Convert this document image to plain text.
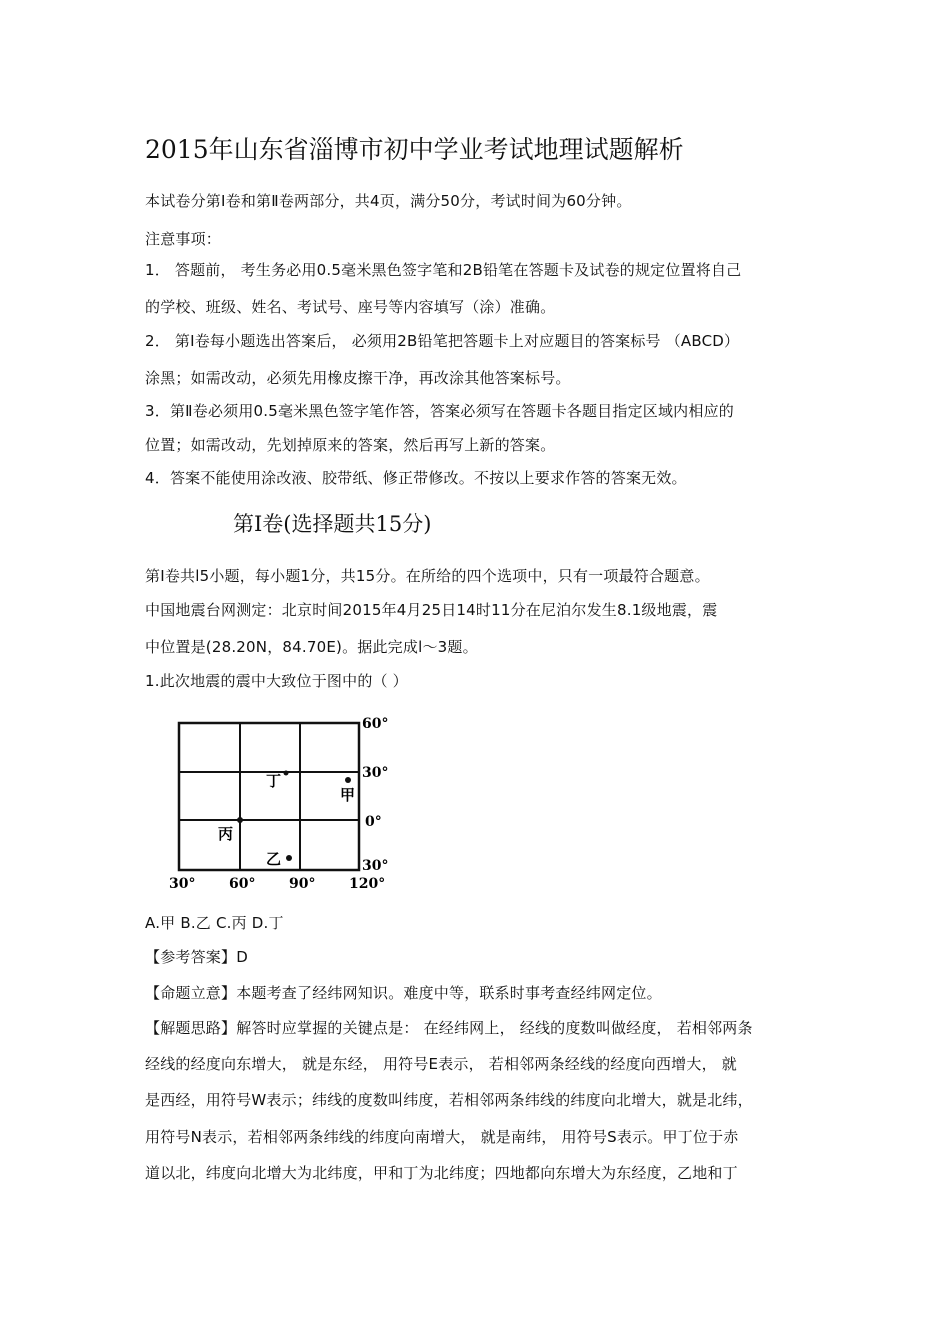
2015年山东省淄博市初中学业考试地理试题解析
本试卷分第Ⅰ卷和第Ⅱ卷两部分，共4页，满分50分，考试时间为60分钟。
注意事项：
1． 答题前， 考生务必用0.5毫米黑色签字笔和2B铅笔在答题卡及试卷的规定位置将自己
的学校、班级、姓名、考试号、座号等内容填写（涂）准确。
2． 第Ⅰ卷每小题选出答案后， 必须用2B铅笔把答题卡上对应题目的答案标号 （ABCD）
涂黑；如需改动，必须先用橡皮擦干净，再改涂其他答案标号。
3．第Ⅱ卷必须用0.5毫米黑色签字笔作答，答案必须写在答题卡各题目指定区域内相应的
位置；如需改动，先划掉原来的答案，然后再写上新的答案。
4．答案不能使用涂改液、胶带纸、修正带修改。不按以上要求作答的答案无效。
第I卷(选择题共15分)
第I卷共l5小题，每小题1分，共15分。在所给的四个选项中，只有一项最符合题意。
中国地震台网测定：北京时间2015年4月25日14时11分在尼泊尔发生8.1级地震，震
中位置是(28.20N，84.70E)。据此完成l～3题。
1.此次地震的震中大致位于图中的（ ）
60°
30°
0°
30°
30° 60° 90° 120°
丁
甲
丙
乙
A.甲 B.乙 C.丙 D.丁
【参考答案】D
【命题立意】本题考查了经纬网知识。难度中等，联系时事考查经纬网定位。
【解题思路】解答时应掌握的关键点是： 在经纬网上， 经线的度数叫做经度， 若相邻两条
经线的经度向东增大， 就是东经， 用符号E表示， 若相邻两条经线的经度向西增大， 就
是西经，用符号W表示；纬线的度数叫纬度，若相邻两条纬线的纬度向北增大，就是北纬，
用符号N表示，若相邻两条纬线的纬度向南增大， 就是南纬， 用符号S表示。甲丁位于赤
道以北，纬度向北增大为北纬度，甲和丁为北纬度；四地都向东增大为东经度，乙地和丁
